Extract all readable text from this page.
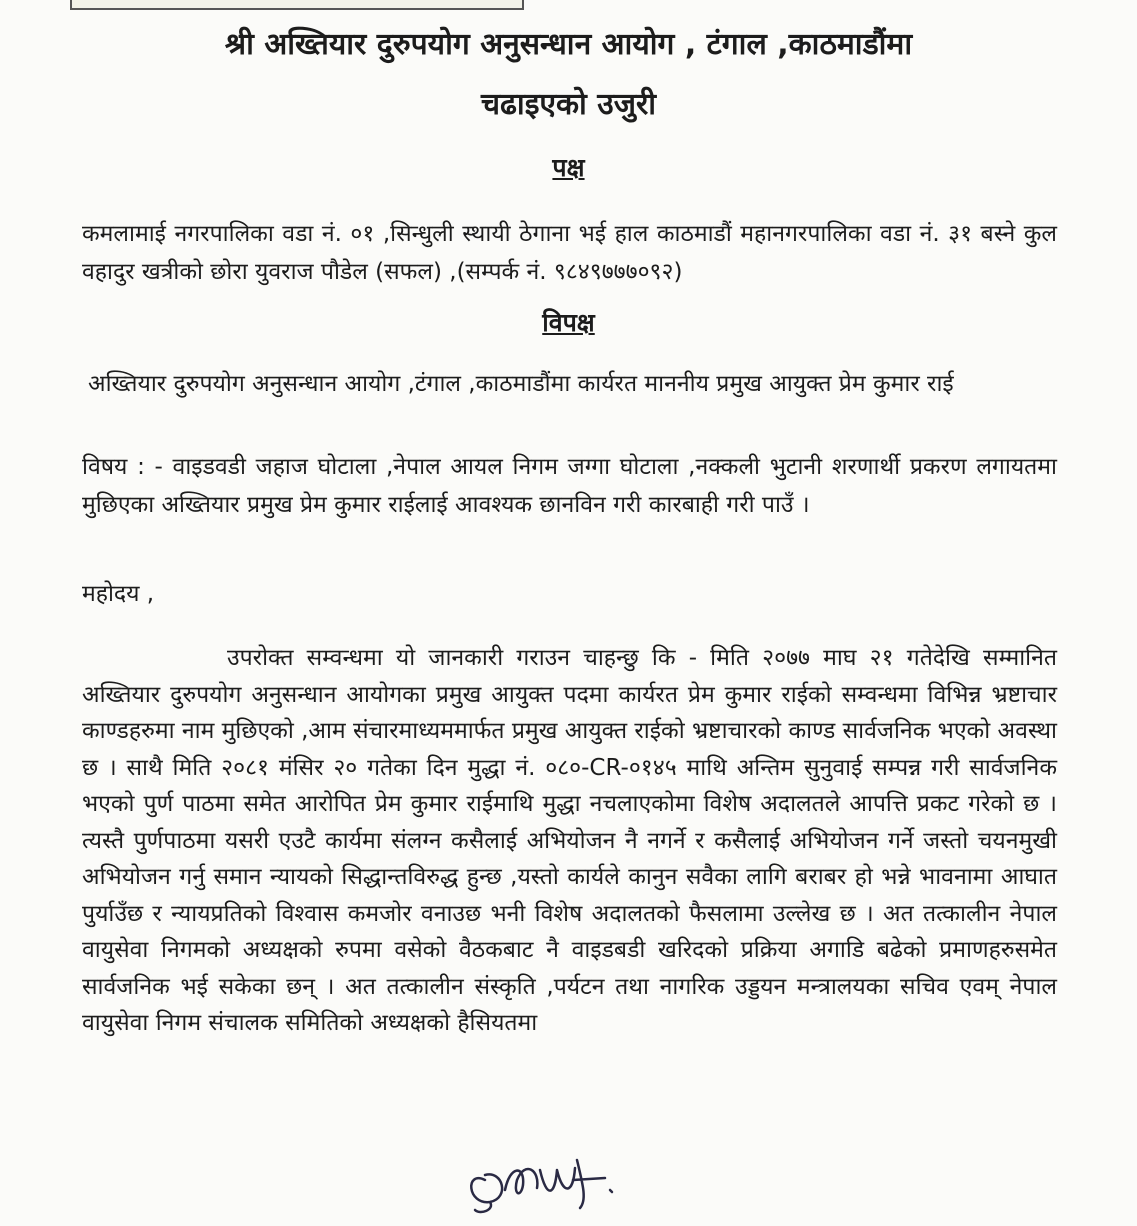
श्री अख्तियार दुरुपयोग अनुसन्धान आयोग , टंगाल ,काठमाडौंमा
चढाइएको उजुरी
पक्ष

कमलामाई नगरपालिका वडा नं. ०१ ,सिन्धुली स्थायी ठेगाना भई हाल काठमाडौं महानगरपालिका वडा नं. ३१ बस्ने कुल वहादुर खत्रीको छोरा युवराज पौडेल (सफल) ,(सम्पर्क नं. ९८४९७७७०९२)

विपक्ष

अख्तियार दुरुपयोग अनुसन्धान आयोग ,टंगाल ,काठमाडौंमा कार्यरत माननीय प्रमुख आयुक्त प्रेम कुमार राई

विषय : - वाइडवडी जहाज घोटाला ,नेपाल आयल निगम जग्गा घोटाला ,नक्कली भुटानी शरणार्थी प्रकरण लगायतमा मुछिएका अख्तियार प्रमुख प्रेम कुमार राईलाई आवश्यक छानविन गरी कारबाही गरी पाउँ ।

महोदय ,

उपरोक्त सम्वन्धमा यो जानकारी गराउन चाहन्छु कि - मिति २०७७ माघ २१ गतेदेखि सम्मानित अख्तियार दुरुपयोग अनुसन्धान आयोगका प्रमुख आयुक्त पदमा कार्यरत प्रेम कुमार राईको सम्वन्धमा विभिन्न भ्रष्टाचार काण्डहरुमा नाम मुछिएको ,आम संचारमाध्यममार्फत प्रमुख आयुक्त राईको भ्रष्टाचारको काण्ड सार्वजनिक भएको अवस्था छ । साथै मिति २०८१ मंसिर २० गतेका दिन मुद्धा नं. ०८०-CR-०१४५ माथि अन्तिम सुनुवाई सम्पन्न गरी सार्वजनिक भएको पुर्ण पाठमा समेत आरोपित प्रेम कुमार राईमाथि मुद्धा नचलाएकोमा विशेष अदालतले आपत्ति प्रकट गरेको छ । त्यस्तै पुर्णपाठमा यसरी एउटै कार्यमा संलग्न कसैलाई अभियोजन नै नगर्ने र कसैलाई अभियोजन गर्ने जस्तो चयनमुखी अभियोजन गर्नु समान न्यायको सिद्धान्तविरुद्ध हुन्छ ,यस्तो कार्यले कानुन सवैका लागि बराबर हो भन्ने भावनामा आघात पुर्याउँछ र न्यायप्रतिको विश्वास कमजोर वनाउछ भनी विशेष अदालतको फैसलामा उल्लेख छ । अत तत्कालीन नेपाल वायुसेवा निगमको अध्यक्षको रुपमा वसेको वैठकबाट नै वाइडबडी खरिदको प्रक्रिया अगाडि बढेको प्रमाणहरुसमेत सार्वजनिक भई सकेका छन् । अत तत्कालीन संस्कृति ,पर्यटन तथा नागरिक उड्डयन मन्त्रालयका सचिव एवम् नेपाल वायुसेवा निगम संचालक समितिको अध्यक्षको हैसियतमा
